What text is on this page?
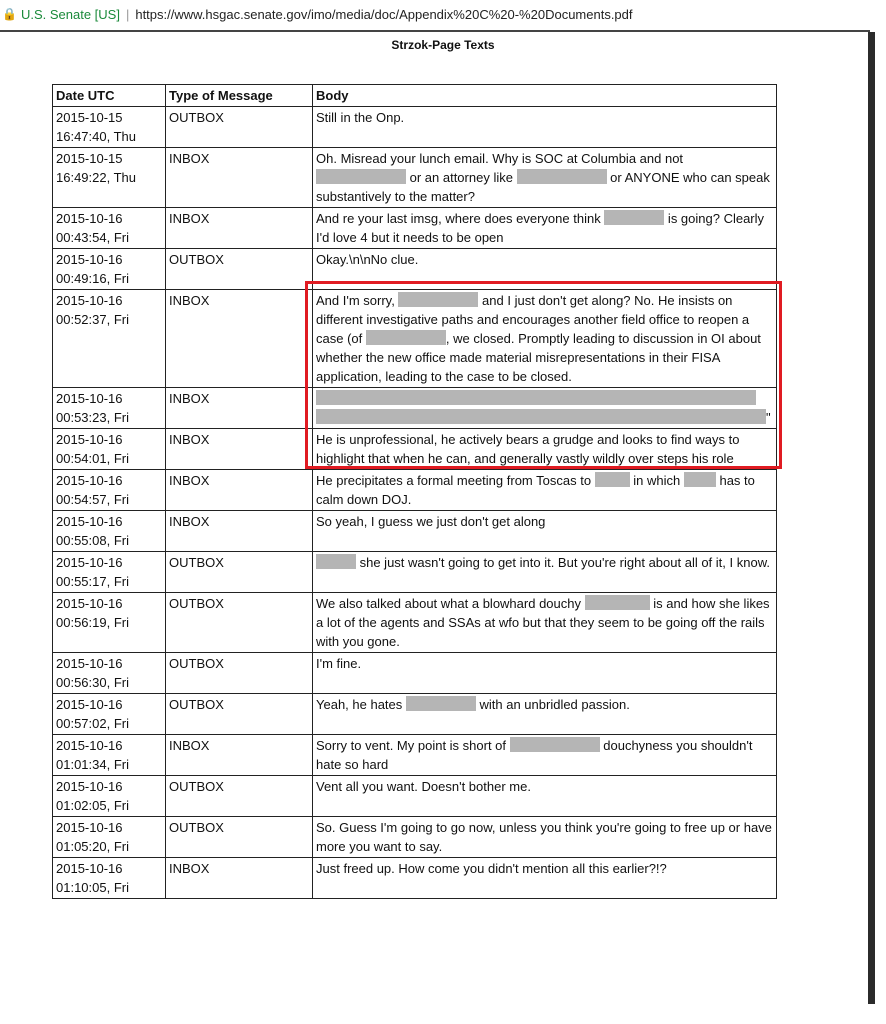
🔒 U.S. Senate [US] | https://www.hsgac.senate.gov/imo/media/doc/Appendix%20C%20-%20Documents.pdf
Strzok-Page Texts
Date UTC	Type of Message	Body

2015-10-15
16:47:40, Thu	OUTBOX	Still in the Onp.

2015-10-15
16:49:22, Thu	INBOX	Oh. Misread your lunch email. Why is SOC at Columbia and not  or an attorney like or ANYONE who can speak substantively to the matter?

2015-10-16
00:43:54, Fri	INBOX	And re your last imsg, where does everyone think is going? Clearly I'd love 4 but it needs to be open

2015-10-16
00:49:16, Fri	OUTBOX	Okay.\n\nNo clue.

2015-10-16
00:52:37, Fri	INBOX	And I'm sorry, and I just don't get along? No. He insists on different investigative paths and encourages another field office to reopen a case (of , we closed. Promptly leading to discussion in OI about whether the new office made material misrepresentations in their FISA application, leading to the case to be closed.

2015-10-16
00:53:23, Fri	INBOX	"

2015-10-16
00:54:01, Fri	INBOX	He is unprofessional, he actively bears a grudge and looks to find ways to highlight that when he can, and generally vastly wildly over steps his role

2015-10-16
00:54:57, Fri	INBOX	He precipitates a formal meeting from Toscas to in which  has to calm down DOJ.

2015-10-16
00:55:08, Fri	INBOX	So yeah, I guess we just don't get along

2015-10-16
00:55:17, Fri	OUTBOX	she just wasn't going to get into it. But you're right about all of it, I know.

2015-10-16
00:56:19, Fri	OUTBOX	We also talked about what a blowhard douchy is and how she likes a lot of the agents and SSAs at wfo but that they seem to be going off the rails with you gone.

2015-10-16
00:56:30, Fri	OUTBOX	I'm fine.

2015-10-16
00:57:02, Fri	OUTBOX	Yeah, he hates with an unbridled passion.

2015-10-16
01:01:34, Fri	INBOX	Sorry to vent. My point is short of douchyness you shouldn't hate so hard

2015-10-16
01:02:05, Fri	OUTBOX	Vent all you want. Doesn't bother me.

2015-10-16
01:05:20, Fri	OUTBOX	So. Guess I'm going to go now, unless you think you're going to free up or have more you want to say.

2015-10-16
01:10:05, Fri	INBOX	Just freed up. How come you didn't mention all this earlier?!?
